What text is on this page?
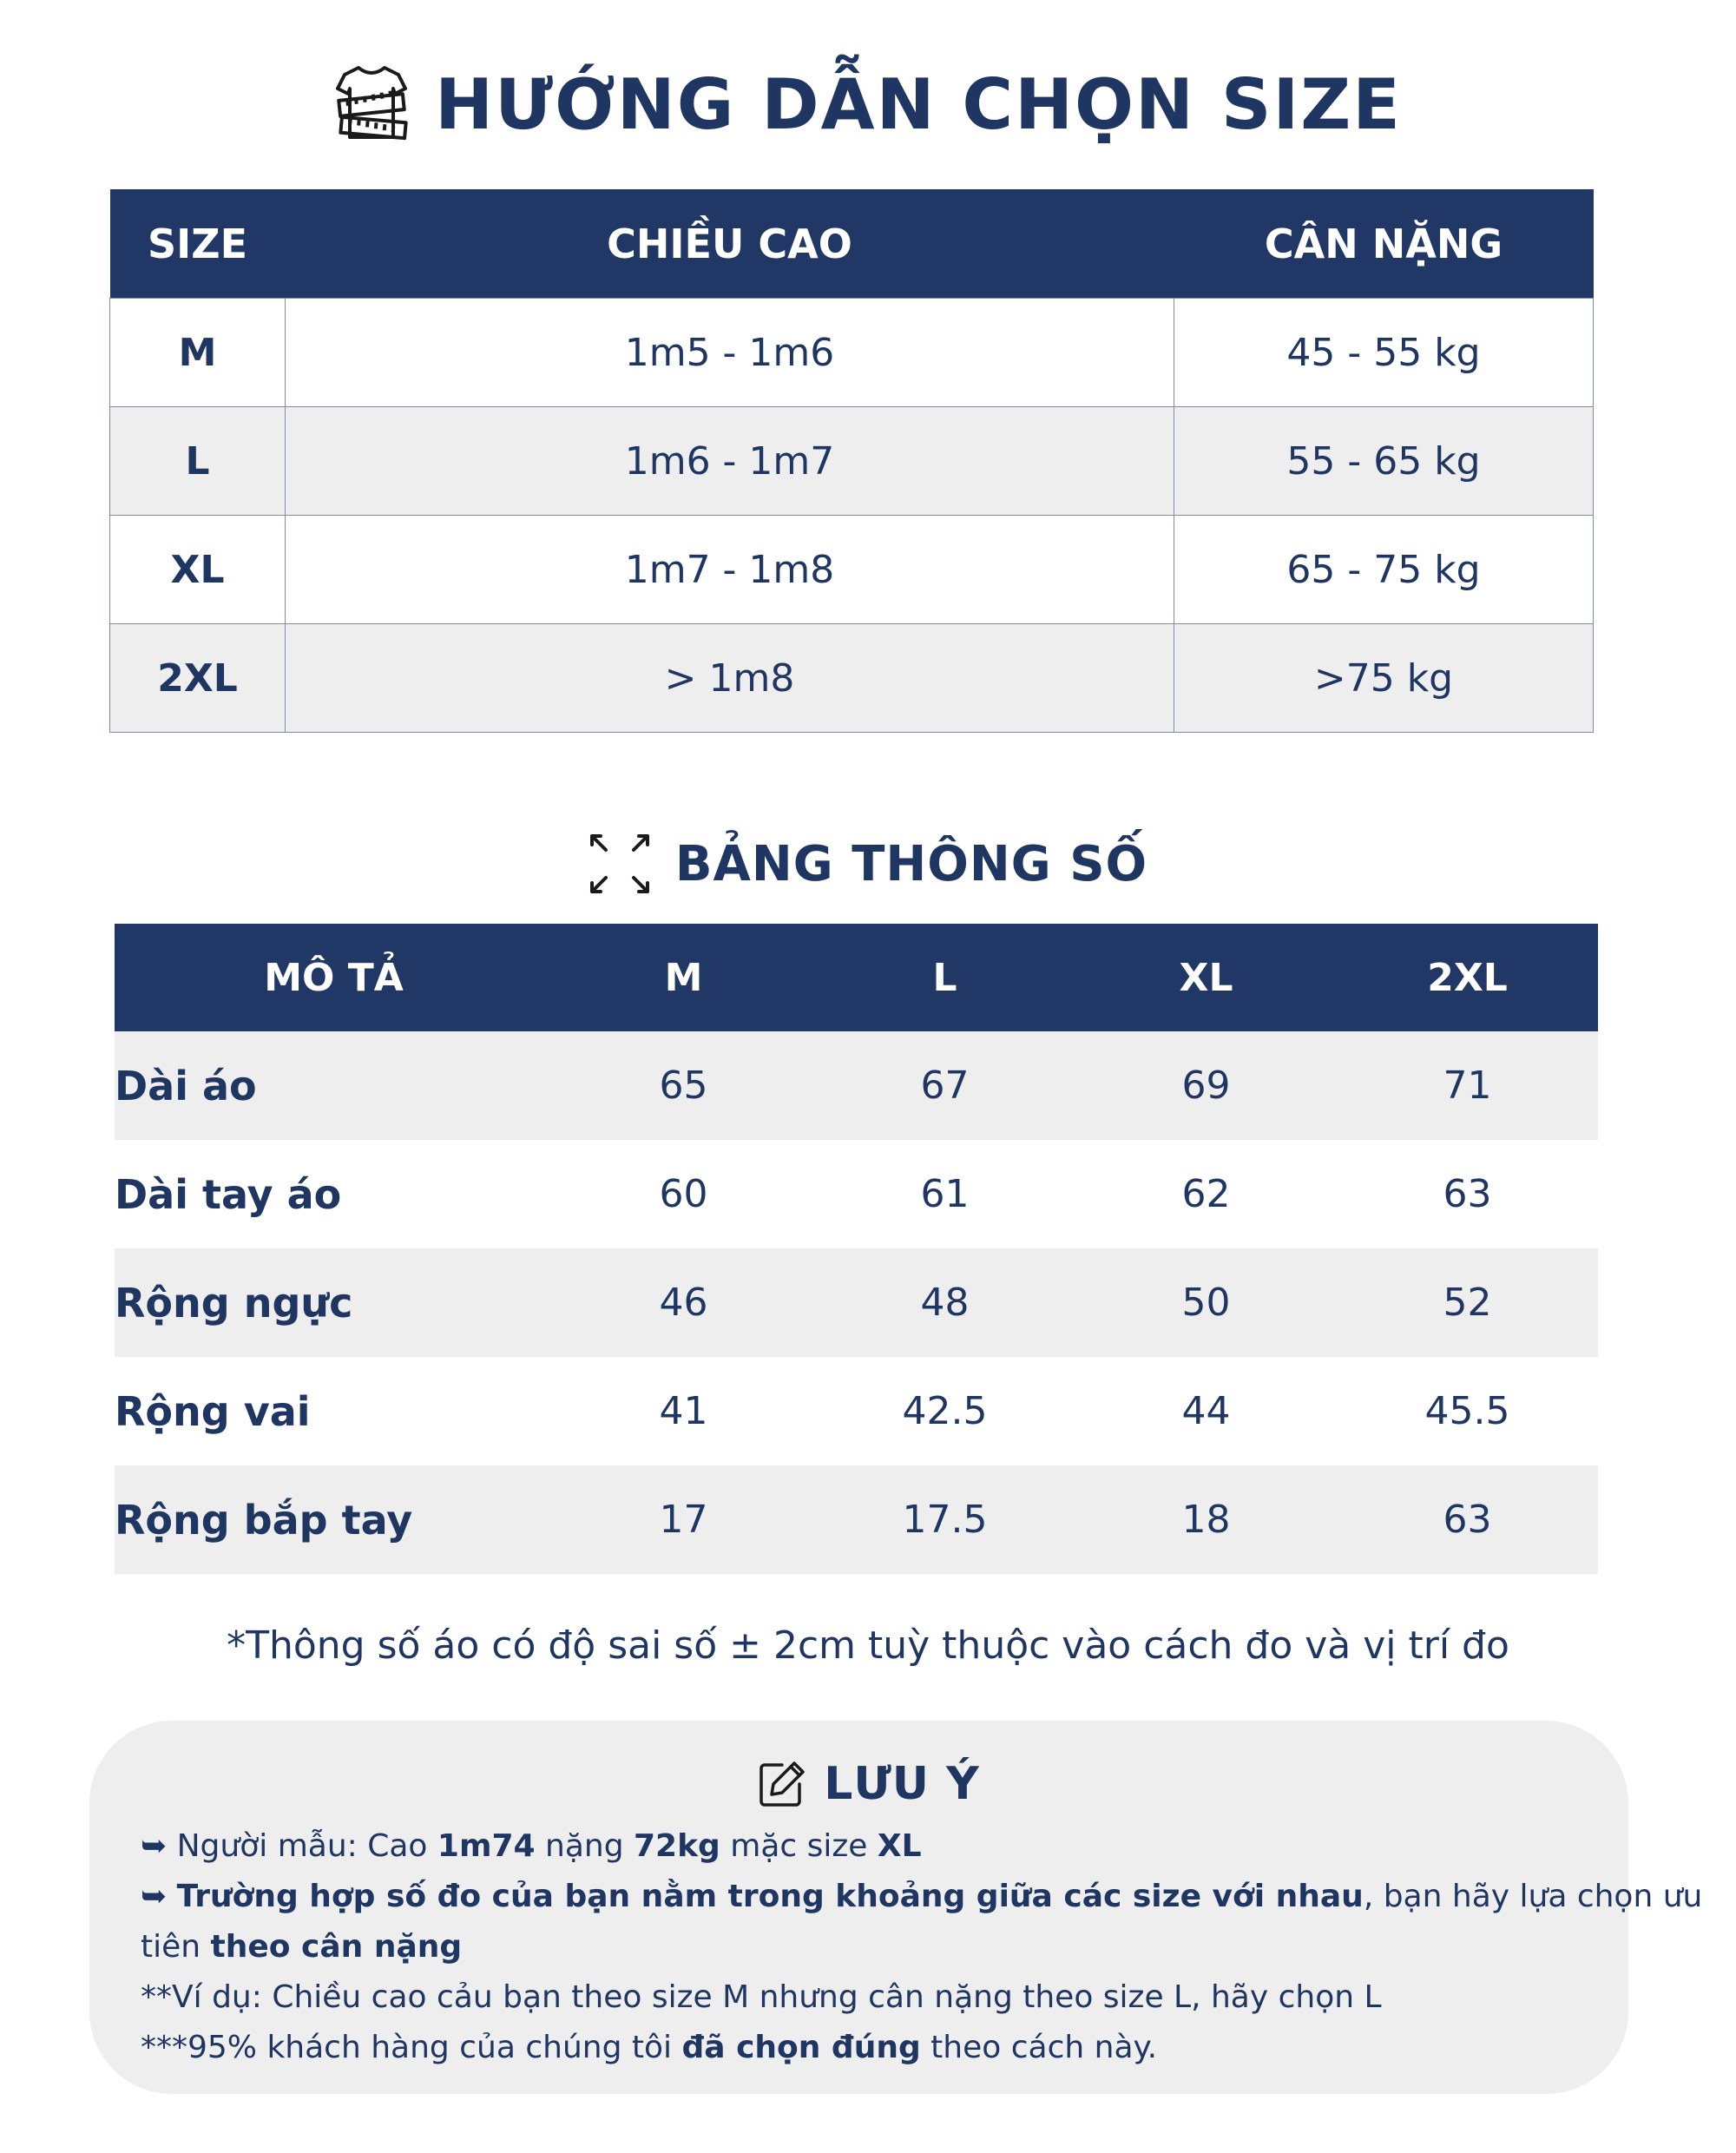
HƯỚNG DẪN CHỌN SIZE
SIZE	CHIỀU CAO	CÂN NẶNG
M	1m5 - 1m6	45 - 55 kg
L	1m6 - 1m7	55 - 65 kg
XL	1m7 - 1m8	65 - 75 kg
2XL	> 1m8	>75 kg
BẢNG THÔNG SỐ
MÔ TẢ	M	L	XL	2XL
Dài áo	65	67	69	71
Dài tay áo	60	61	62	63
Rộng ngực	46	48	50	52
Rộng vai	41	42.5	44	45.5
Rộng bắp tay	17	17.5	18	63
*Thông số áo có độ sai số ± 2cm tuỳ thuộc vào cách đo và vị trí đo
LƯU Ý
➥ Người mẫu: Cao 1m74 nặng 72kg mặc size XL
➥ Trường hợp số đo của bạn nằm trong khoảng giữa các size với nhau, bạn hãy lựa chọn ưu
tiên theo cân nặng
**Ví dụ: Chiều cao cảu bạn theo size M nhưng cân nặng theo size L, hãy chọn L
***95% khách hàng của chúng tôi đã chọn đúng theo cách này.
